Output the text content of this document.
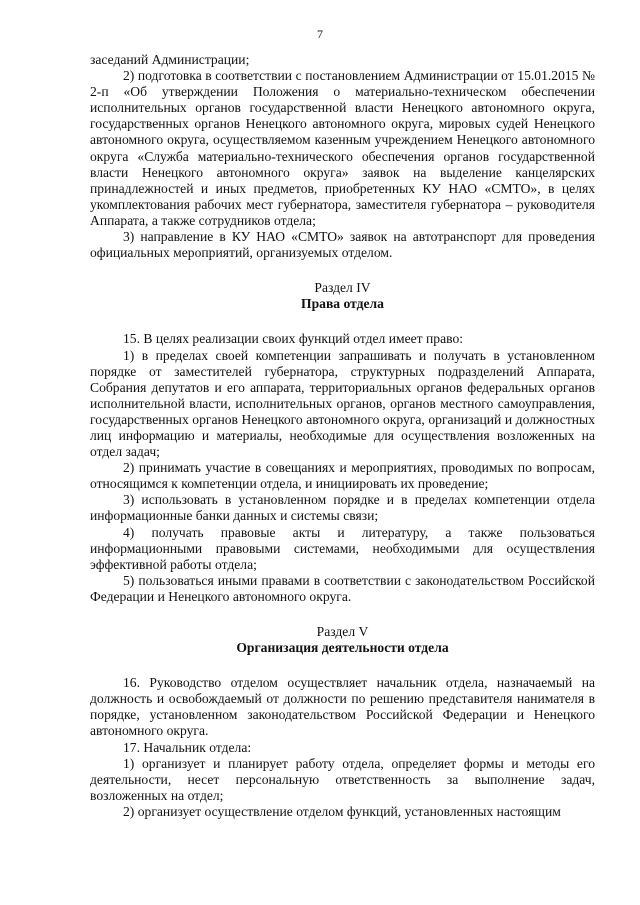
7

заседаний Администрации;

2) подготовка в соответствии с постановлением Администрации от 15.01.2015 № 2-п «Об утверждении Положения о материально-техническом обеспечении исполнительных органов государственной власти Ненецкого автономного округа, государственных органов Ненецкого автономного округа, мировых судей Ненецкого автономного округа, осуществляемом казенным учреждением Ненецкого автономного округа «Служба материально-технического обеспечения органов государственной власти Ненецкого автономного округа» заявок на выделение канцелярских принадлежностей и иных предметов, приобретенных КУ НАО «СМТО», в целях укомплектования рабочих мест губернатора, заместителя губернатора – руководителя Аппарата, а также сотрудников отдела;

3) направление в КУ НАО «СМТО» заявок на автотранспорт для проведения официальных мероприятий, организуемых отделом.

Раздел IV
Права отдела

15. В целях реализации своих функций отдел имеет право:

1) в пределах своей компетенции запрашивать и получать в установленном порядке от заместителей губернатора, структурных подразделений Аппарата, Собрания депутатов и его аппарата, территориальных органов федеральных органов исполнительной власти, исполнительных органов, органов местного самоуправления, государственных органов Ненецкого автономного округа, организаций и должностных лиц информацию и материалы, необходимые для осуществления возложенных на отдел задач;

2) принимать участие в совещаниях и мероприятиях, проводимых по вопросам, относящимся к компетенции отдела, и инициировать их проведение;

3) использовать в установленном порядке и в пределах компетенции отдела информационные банки данных и системы связи;

4) получать правовые акты и литературу, а также пользоваться информационными правовыми системами, необходимыми для осуществления эффективной работы отдела;

5) пользоваться иными правами в соответствии с законодательством Российской Федерации и Ненецкого автономного округа.

Раздел V
Организация деятельности отдела

16. Руководство отделом осуществляет начальник отдела, назначаемый на должность и освобождаемый от должности по решению представителя нанимателя в порядке, установленном законодательством Российской Федерации и Ненецкого автономного округа.

17. Начальник отдела:

1) организует и планирует работу отдела, определяет формы и методы его деятельности, несет персональную ответственность за выполнение задач, возложенных на отдел;

2) организует осуществление отделом функций, установленных настоящим
